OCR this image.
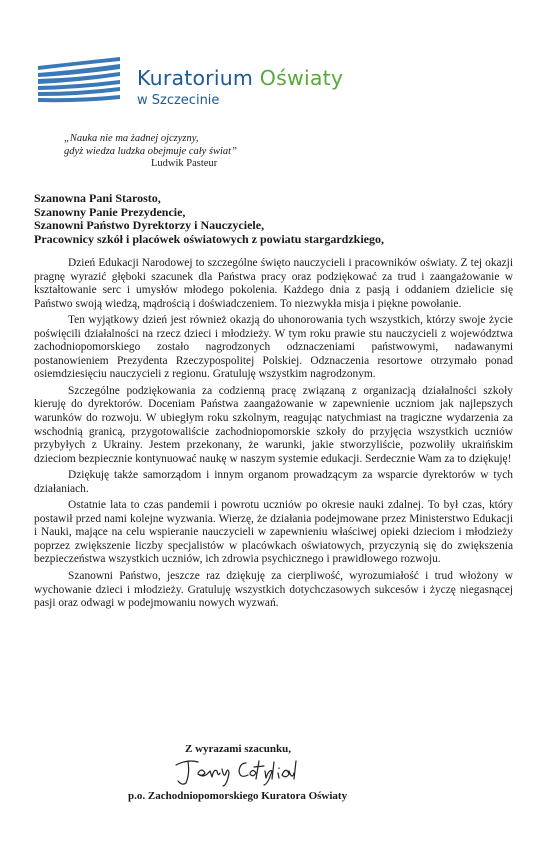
Kuratorium Oświaty
w Szczecinie
„Nauka nie ma żadnej ojczyzny,
gdyż wiedza ludzka obejmuje cały świat”
Ludwik Pasteur
Szanowna Pani Starosto,
Szanowny Panie Prezydencie,
Szanowni Państwo Dyrektorzy i Nauczyciele,
Pracownicy szkół i placówek oświatowych z powiatu stargardzkiego,

Dzień Edukacji Narodowej to szczególne święto nauczycieli i pracowników oświaty. Z tej okazji pragnę wyrazić głęboki szacunek dla Państwa pracy oraz podziękować za trud i zaangażowanie w kształtowanie serc i umysłów młodego pokolenia. Każdego dnia z pasją i oddaniem dzielicie się Państwo swoją wiedzą, mądrością i doświadczeniem. To niezwykła misja i piękne powołanie.

Ten wyjątkowy dzień jest również okazją do uhonorowania tych wszystkich, którzy swoje życie poświęcili działalności na rzecz dzieci i młodzieży. W tym roku prawie stu nauczycieli z województwa zachodniopomorskiego zostało nagrodzonych odznaczeniami państwowymi, nadawanymi postanowieniem Prezydenta Rzeczypospolitej Polskiej. Odznaczenia resortowe otrzymało ponad osiemdziesięciu nauczycieli z regionu. Gratuluję wszystkim nagrodzonym.

Szczególne podziękowania za codzienną pracę związaną z organizacją działalności szkoły kieruję do dyrektorów. Doceniam Państwa zaangażowanie w zapewnienie uczniom jak najlepszych warunków do rozwoju. W ubiegłym roku szkolnym, reagując natychmiast na tragiczne wydarzenia za wschodnią granicą, przygotowaliście zachodniopomorskie szkoły do przyjęcia wszystkich uczniów przybyłych z Ukrainy. Jestem przekonany, że warunki, jakie stworzyliście, pozwoliły ukraińskim dzieciom bezpiecznie kontynuować naukę w naszym systemie edukacji. Serdecznie Wam za to dziękuję!

Dziękuję także samorządom i innym organom prowadzącym za wsparcie dyrektorów w tych działaniach.

Ostatnie lata to czas pandemii i powrotu uczniów po okresie nauki zdalnej. To był czas, który postawił przed nami kolejne wyzwania. Wierzę, że działania podejmowane przez Ministerstwo Edukacji i Nauki, mające na celu wspieranie nauczycieli w zapewnieniu właściwej opieki dzieciom i młodzieży poprzez zwiększenie liczby specjalistów w placówkach oświatowych, przyczynią się do zwiększenia bezpieczeństwa wszystkich uczniów, ich zdrowia psychicznego i prawidłowego rozwoju.

Szanowni Państwo, jeszcze raz dziękuję za cierpliwość, wyrozumiałość i trud włożony w wychowanie dzieci i młodzieży. Gratuluję wszystkich dotychczasowych sukcesów i życzę niegasnącej pasji oraz odwagi w podejmowaniu nowych wyzwań.

Z wyrazami szacunku,
p.o. Zachodniopomorskiego Kuratora Oświaty
